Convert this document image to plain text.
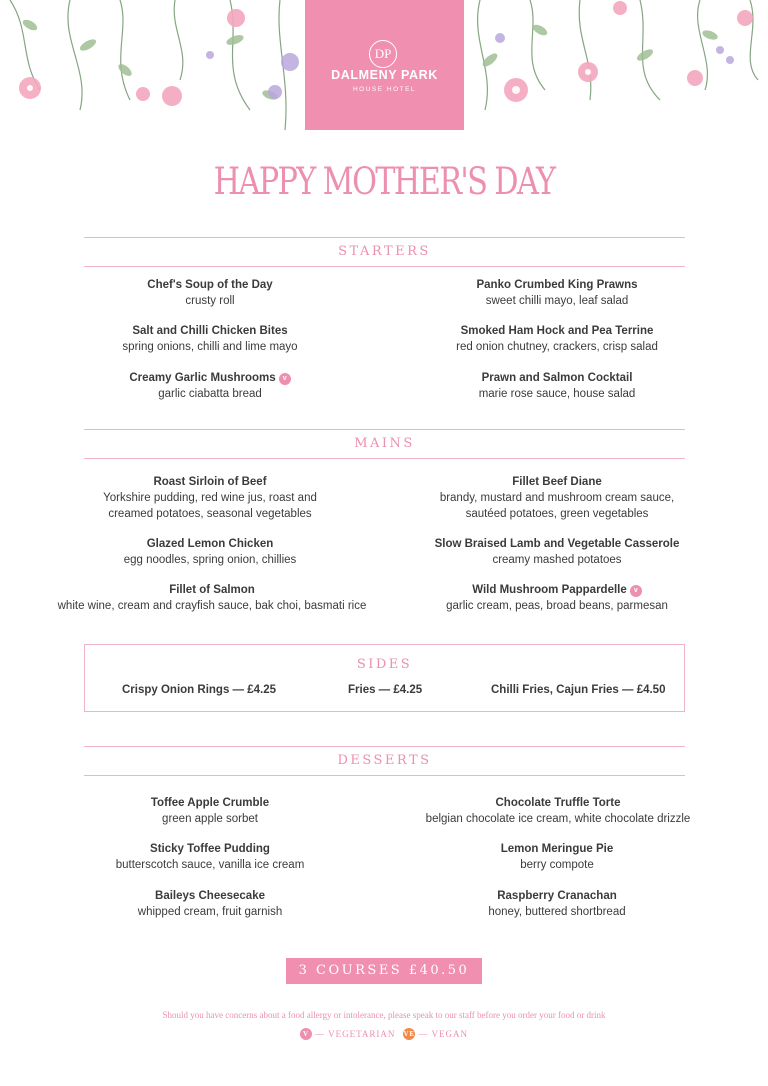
DP
DALMENY PARK
HOUSE HOTEL
HAPPY MOTHER'S DAY
STARTERS
Chef's Soup of the Day
crusty roll
Salt and Chilli Chicken Bites
spring onions, chilli and lime mayo
Creamy Garlic Mushrooms v
garlic ciabatta bread
Panko Crumbed King Prawns
sweet chilli mayo, leaf salad
Smoked Ham Hock and Pea Terrine
red onion chutney, crackers, crisp salad
Prawn and Salmon Cocktail
marie rose sauce, house salad
MAINS
Roast Sirloin of Beef
Yorkshire pudding, red wine jus, roast and
creamed potatoes, seasonal vegetables
Glazed Lemon Chicken
egg noodles, spring onion, chillies
Fillet of Salmon
white wine, cream and crayfish sauce, bak choi, basmati rice
Fillet Beef Diane
brandy, mustard and mushroom cream sauce,
sautéed potatoes, green vegetables
Slow Braised Lamb and Vegetable Casserole
creamy mashed potatoes
Wild Mushroom Pappardelle v
garlic cream, peas, broad beans, parmesan
SIDES
Crispy Onion Rings — £4.25	Fries — £4.25	Chilli Fries, Cajun Fries — £4.50
DESSERTS
Toffee Apple Crumble
green apple sorbet
Sticky Toffee Pudding
butterscotch sauce, vanilla ice cream
Baileys Cheesecake
whipped cream, fruit garnish
Chocolate Truffle Torte
belgian chocolate ice cream, white chocolate drizzle
Lemon Meringue Pie
berry compote
Raspberry Cranachan
honey, buttered shortbread
3 COURSES £40.50
Should you have concerns about a food allergy or intolerance, please speak to our staff before you order your food or drink
V — VEGETARIAN VE — VEGAN
